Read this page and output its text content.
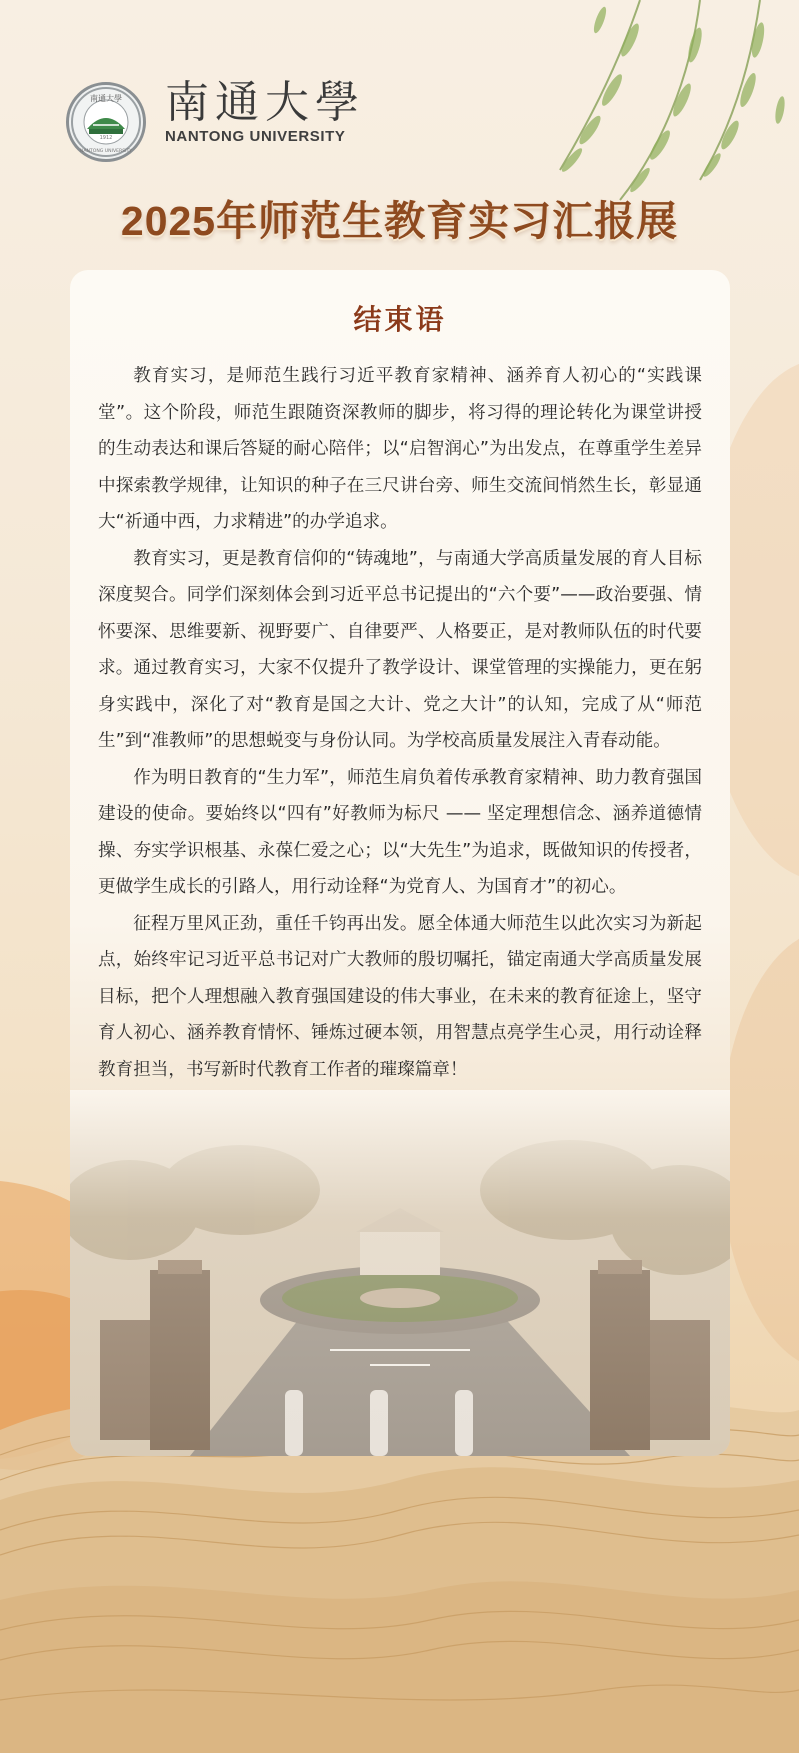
南通大學
1912
NANTONG UNIVERSITY
南通大學
NANTONG UNIVERSITY
2025年师范生教育实习汇报展
结束语

教育实习，是师范生践行习近平教育家精神、涵养育人初心的“实践课堂”。这个阶段，师范生跟随资深教师的脚步，将习得的理论转化为课堂讲授的生动表达和课后答疑的耐心陪伴；以“启智润心”为出发点，在尊重学生差异中探索教学规律，让知识的种子在三尺讲台旁、师生交流间悄然生长，彰显通大“祈通中西，力求精进”的办学追求。

教育实习，更是教育信仰的“铸魂地”，与南通大学高质量发展的育人目标深度契合。同学们深刻体会到习近平总书记提出的“六个要”——政治要强、情怀要深、思维要新、视野要广、自律要严、人格要正，是对教师队伍的时代要求。通过教育实习，大家不仅提升了教学设计、课堂管理的实操能力，更在躬身实践中，深化了对“教育是国之大计、党之大计”的认知，完成了从“师范生”到“准教师”的思想蜕变与身份认同。为学校高质量发展注入青春动能。

作为明日教育的“生力军”，师范生肩负着传承教育家精神、助力教育强国建设的使命。要始终以“四有”好教师为标尺 —— 坚定理想信念、涵养道德情操、夯实学识根基、永葆仁爱之心；以“大先生”为追求，既做知识的传授者，更做学生成长的引路人，用行动诠释“为党育人、为国育才”的初心。

征程万里风正劲，重任千钧再出发。愿全体通大师范生以此次实习为新起点，始终牢记习近平总书记对广大教师的殷切嘱托，锚定南通大学高质量发展目标，把个人理想融入教育强国建设的伟大事业，在未来的教育征途上，坚守育人初心、涵养教育情怀、锤炼过硬本领，用智慧点亮学生心灵，用行动诠释教育担当，书写新时代教育工作者的璀璨篇章！
